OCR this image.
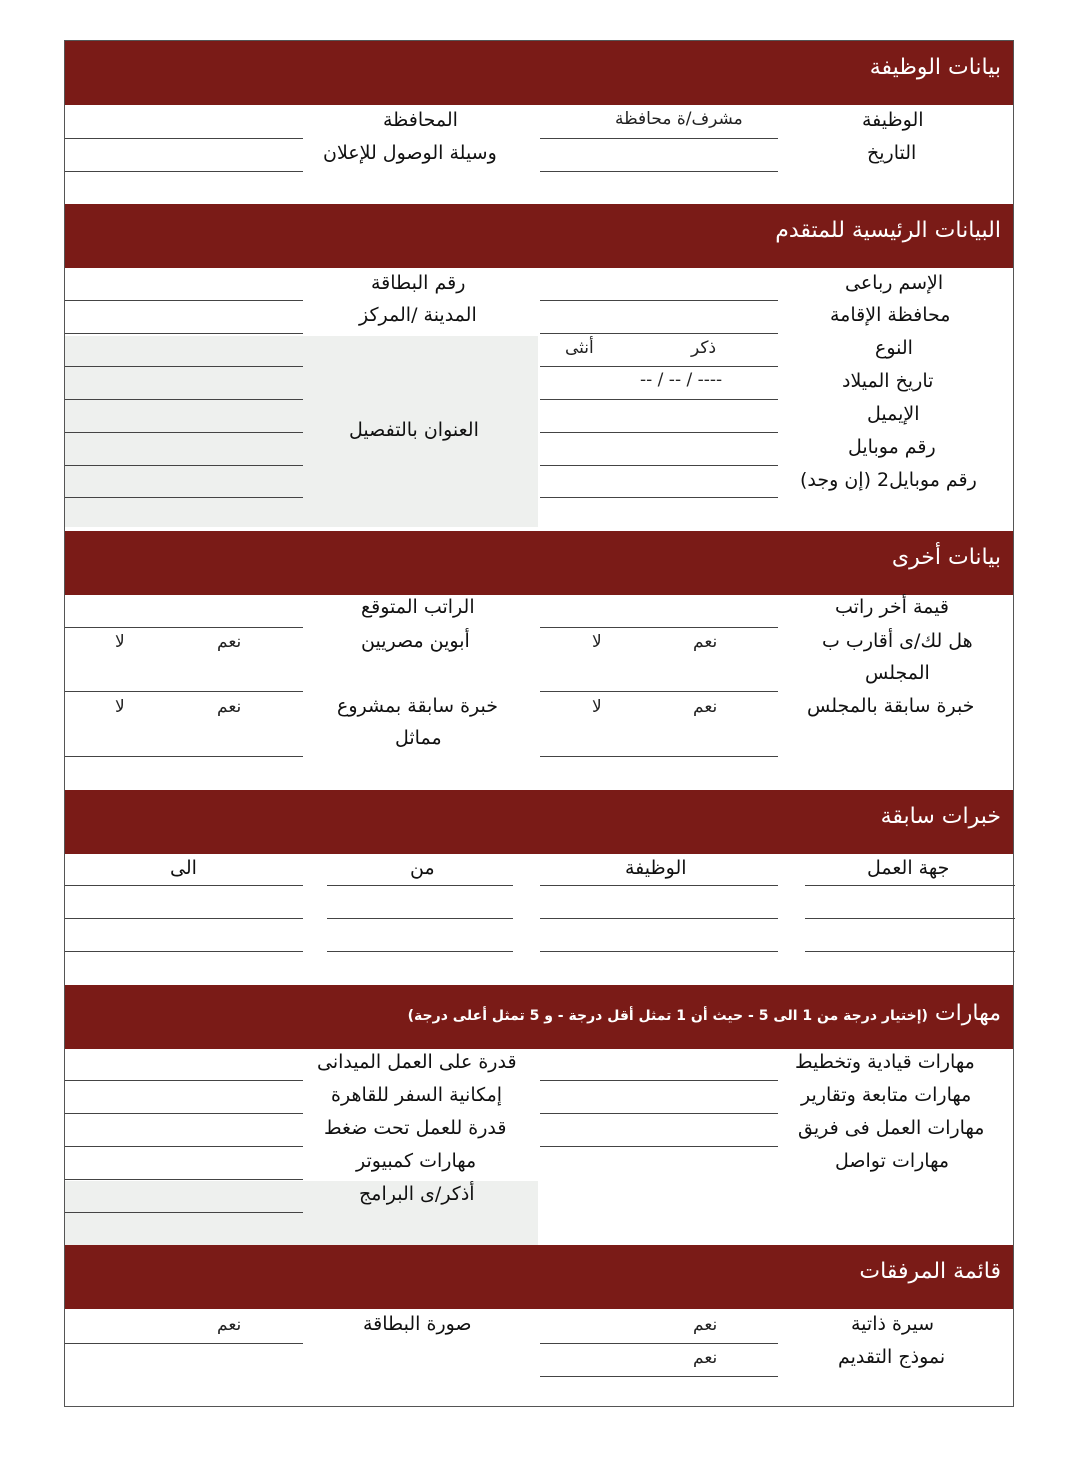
بيانات الوظيفة
الوظيفة
مشرف/ة محافظة
المحافظة
التاريخ
وسيلة الوصول للإعلان
البيانات الرئيسية للمتقدم
الإسم رباعى
رقم البطاقة
محافظة الإقامة
المدينة /المركز
النوع
ذكر
أنثى
تاريخ الميلاد
-- / -- / ----
الإيميل
رقم موبايل
رقم موبايل2 (إن وجد)
العنوان بالتفصيل
بيانات أخرى
قيمة أخر راتب
الراتب المتوقع
هل لك/ى أقارب ب
المجلس
نعم
لا
أبوين مصريين
نعم
لا
خبرة سابقة بالمجلس
نعم
لا
خبرة سابقة بمشروع
مماثل
نعم
لا
خبرات سابقة
جهة العمل
الوظيفة
من
الى
مهارات (إختيار درجة من 1 الى 5 - حيث أن 1 تمثل أقل درجة - و 5 تمثل أعلى درجة)
مهارات قيادية وتخطيط
قدرة على العمل الميدانى
مهارات متابعة وتقارير
إمكانية السفر للقاهرة
مهارات العمل فى فريق
قدرة للعمل تحت ضغط
مهارات تواصل
مهارات كمبيوتر
أذكر/ى البرامج
قائمة المرفقات
سيرة ذاتية
نعم
صورة البطاقة
نعم
نموذج التقديم
نعم
